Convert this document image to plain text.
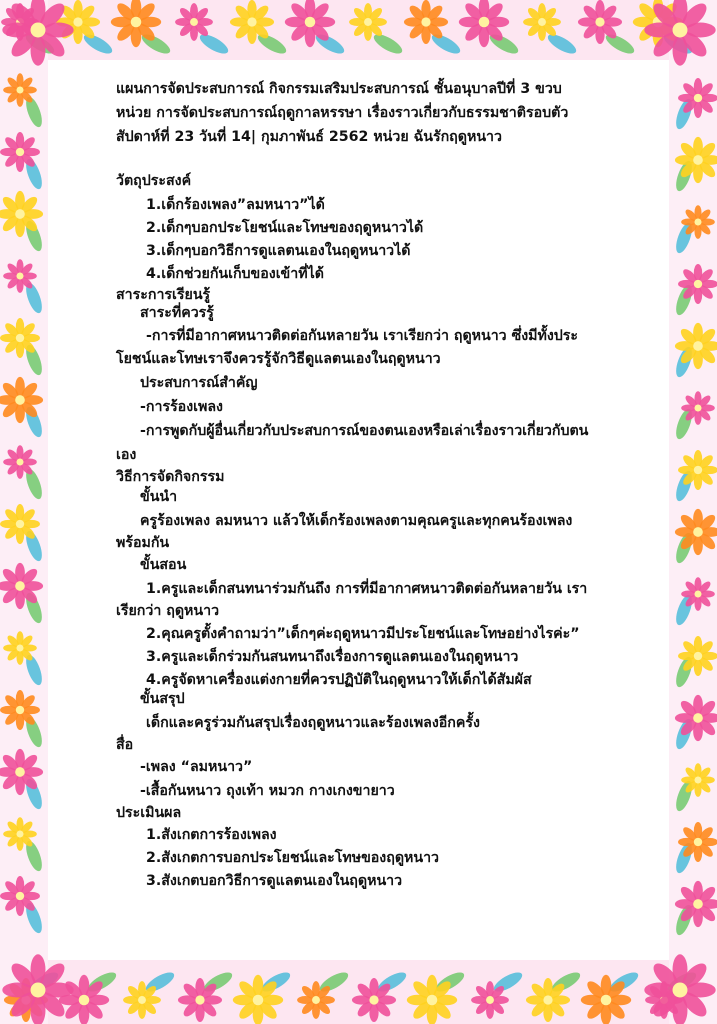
แผนการจัดประสบการณ์ กิจกรรมเสริมประสบการณ์ ชั้นอนุบาลปีที่ 3 ขวบ
หน่วย การจัดประสบการณ์ฤดูกาลหรรษา เรื่องราวเกี่ยวกับธรรมชาติรอบตัว
สัปดาห์ที่ 23 วันที่ 14| กุมภาพันธ์ 2562 หน่วย ฉันรักฤดูหนาว
วัตถุประสงค์
1.เด็กร้องเพลง”ลมหนาว”ได้
2.เด็กๆบอกประโยชน์และโทษของฤดูหนาวได้
3.เด็กๆบอกวิธีการดูแลตนเองในฤดูหนาวได้
4.เด็กช่วยกันเก็บของเข้าที่ได้
สาระการเรียนรู้
สาระที่ควรรู้
-การที่มีอากาศหนาวติดต่อกันหลายวัน เราเรียกว่า ฤดูหนาว ซึ่งมีทั้งประ
โยชน์และโทษเราจึงควรรู้จักวิธีดูแลตนเองในฤดูหนาว
ประสบการณ์สำคัญ
-การร้องเพลง
-การพูดกับผู้อื่นเกี่ยวกับประสบการณ์ของตนเองหรือเล่าเรื่องราวเกี่ยวกับตน
เอง
วิธีการจัดกิจกรรม
ขั้นนำ
ครูร้องเพลง ลมหนาว แล้วให้เด็กร้องเพลงตามคุณครูและทุกคนร้องเพลง
พร้อมกัน
ขั้นสอน
1.ครูและเด็กสนทนาร่วมกันถึง การที่มีอากาศหนาวติดต่อกันหลายวัน เรา
เรียกว่า ฤดูหนาว
2.คุณครูตั้งคำถามว่า”เด็กๆค่ะฤดูหนาวมีประโยชน์และโทษอย่างไรค่ะ”
3.ครูและเด็กร่วมกันสนทนาถึงเรื่องการดูแลตนเองในฤดูหนาว
4.ครูจัดหาเครื่องแต่งกายที่ควรปฏิบัติในฤดูหนาวให้เด็กได้สัมผัส
ขั้นสรุป
เด็กและครูร่วมกันสรุปเรื่องฤดูหนาวและร้องเพลงอีกครั้ง
สื่อ
-เพลง “ลมหนาว”
-เสื้อกันหนาว ถุงเท้า หมวก กางเกงขายาว
ประเมินผล
1.สังเกตการร้องเพลง
2.สังเกตการบอกประโยชน์และโทษของฤดูหนาว
3.สังเกตบอกวิธีการดูแลตนเองในฤดูหนาว
